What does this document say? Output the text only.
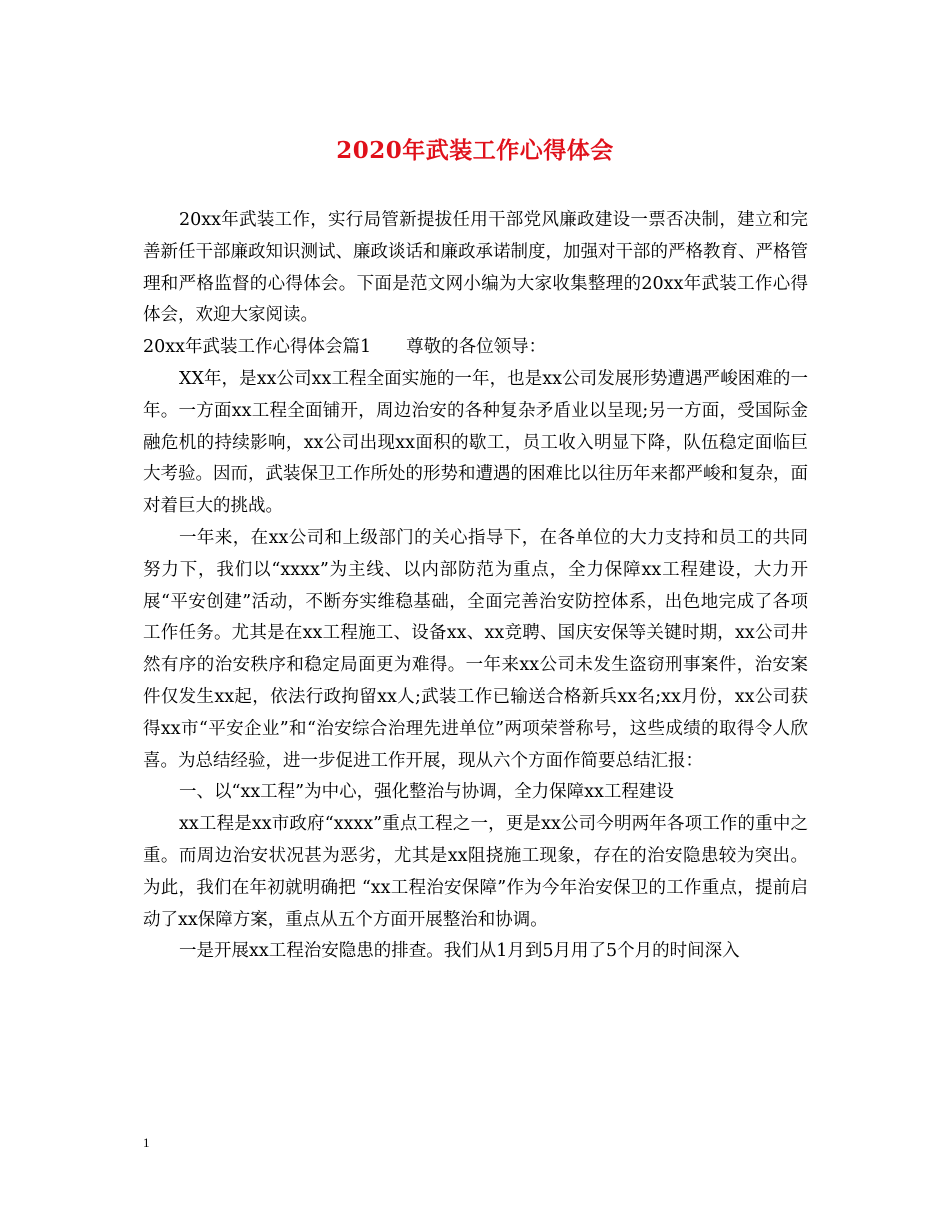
2020年武装工作心得体会

20xx年武装工作，实行局管新提拔任用干部党风廉政建设一票否决制，建立和完善新任干部廉政知识测试、廉政谈话和廉政承诺制度，加强对干部的严格教育、严格管理和严格监督的心得体会。下面是范文网小编为大家收集整理的20xx年武装工作心得体会，欢迎大家阅读。

20xx年武装工作心得体会篇1　　尊敬的各位领导：

XX年，是xx公司xx工程全面实施的一年，也是xx公司发展形势遭遇严峻困难的一年。一方面xx工程全面铺开，周边治安的各种复杂矛盾业以呈现;另一方面，受国际金融危机的持续影响，xx公司出现xx面积的歇工，员工收入明显下降，队伍稳定面临巨大考验。因而，武装保卫工作所处的形势和遭遇的困难比以往历年来都严峻和复杂，面对着巨大的挑战。

一年来，在xx公司和上级部门的关心指导下，在各单位的大力支持和员工的共同努力下，我们以“xxxx”为主线、以内部防范为重点，全力保障xx工程建设，大力开展“平安创建”活动，不断夯实维稳基础，全面完善治安防控体系，出色地完成了各项工作任务。尤其是在xx工程施工、设备xx、xx竞聘、国庆安保等关键时期，xx公司井然有序的治安秩序和稳定局面更为难得。一年来xx公司未发生盗窃刑事案件，治安案件仅发生xx起，依法行政拘留xx人;武装工作已输送合格新兵xx名;xx月份，xx公司获得xx市“平安企业”和“治安综合治理先进单位”两项荣誉称号，这些成绩的取得令人欣喜。为总结经验，进一步促进工作开展，现从六个方面作简要总结汇报：

一、以“xx工程”为中心，强化整治与协调，全力保障xx工程建设

xx工程是xx市政府“xxxx”重点工程之一，更是xx公司今明两年各项工作的重中之重。而周边治安状况甚为恶劣，尤其是xx阻挠施工现象，存在的治安隐患较为突出。为此，我们在年初就明确把 “xx工程治安保障”作为今年治安保卫的工作重点，提前启动了xx保障方案，重点从五个方面开展整治和协调。

一是开展xx工程治安隐患的排查。我们从1月到5月用了5个月的时间深入

1
